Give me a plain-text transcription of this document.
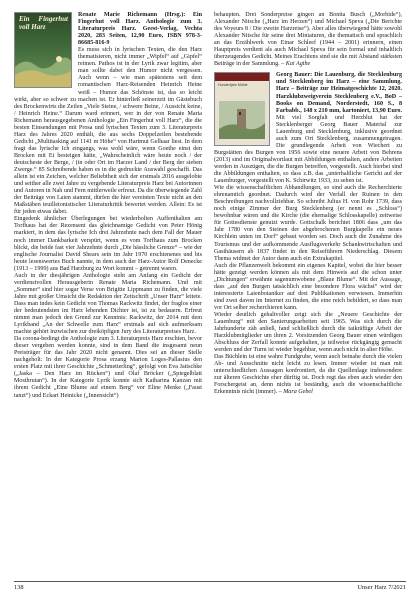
Ein Fingerhut voll Harz

Renate Marie Richemann (Hrsg.): Ein Fingerhut voll Harz. Anthologie zum 3. Literaturpreis Harz. Geest-Verlag, Vechta 2020, 283 Seiten, 12,90 Euro, ISBN 978-3-86685-816-9

Es muss sich in lyrischen Texten, die den Harz thematisieren, nicht immer „Wipfel“ auf „Gipfel“ reimen. Pathos ist in der Lyrik zwar legitim, aber man sollte dabei den Humor nicht vergessen. Auch wenn – wie man spätestens seit dem romantischen Harz-Reisenden Heinrich Heine weiß – Humor das Schönste ist, das so leicht wirkt, aber so schwer zu machen ist. Er hinterließ seinerzeit im Gästebuch des Brockenwirts die Zeilen „Viele Steine, / schwere Beine, / Aussicht keine, / Heinrich Heine.“ Darum ward erinnert, wer in der von Renate Maria Richemann herausgegebenen Anthologie „Ein Fingerhut voll Harz“, die die besten Einsendungen mit Prosa und lyrischen Texten zum 3. Literaturpreis Harz des Jahres 2020 enthält, die aus sechs Doppelzeilen bestehende Gedicht „Multitasking auf 1141 m Höhe“ von Hartmut Gelhaar liest. In dem fragt das lyrische Ich eingangs, was wohl wäre, wenn Goethe einst den Brocken mit Ei besteigen hätte, „Wahrscheinlich wäre heute noch / der deutscheste der Berge, / (in oder Ort im Harzer Land / der Berg der sieben Zwerge.“ 85 Schreibende haben es in die gedruckte Auswahl geschafft. Das allein ist ein Zeichen, welcher Beliebtheit sich der erstmals 2016 ausgelobte und seither alle zwei Jahre zu vergebende Literaturpreis Harz bei Autorinnen und Autoren in Nah und Fern mittlerweile erfreut. Da die überwiegende Zahl der Beiträge von Laien stammt, dürfen die hier vereinten Texte nicht an den Maßstäben teuilletonistischer Literaturkritik bewertet werden. Allein: Es ist für jeden etwas dabei.

Eingedenk ähnlicher Überlegungen bei wiederholten Auffenthalten am Torfhaus hat der Rezensent das gleichnamige Gedicht von Peter Hönig markiert, in dem das lyrische Ich drei Jahrzehnte nach dem Fall der Mauer noch immer Dankbarkeit verspürt, wenn es vom Torfhaus zum Brocken blickt, die beide fast vier Jahrzehnte durch „Die hässliche Grenze“ – wie der englische Journalist David Shears sein im Jahr 1970 erschienenes und bis heute lesenswertes Buch nannte, in dem auch der Harz-Autor Rolf Denecke (1913 – 1999) aus Bad Harzburg zu Wort kommt – getrennt waren.

Auch in der diesjährigen Anthologie steht am Anfang ein Gedicht der verdienstvollen Herausgeberin Renate Maria Richemann. Und mit „Sommer“ sind hier sogar Verse von Brigitte Lippmann zu finden, die viele Jahre mit großer Umsicht die Redaktion der Zeitschrift „Unser Harz“ leitete. Dass man indes kein Gedicht von Thomas Rackwitz findet, der fraglos einer der bedeutendsten im Harz lebenden Dichter ist, ist zu bedauern. Erfreut nimmt man jedoch den Grund zur Kenntnis: Rackwitz, der 2014 mit dem Lyrikband „An der Schwelle zum Harz“ erstmals auf sich aufmerksam machte gehört inzwischen zur dreiköpfigen Jury des Literaturpreises Harz.

Da coronа-bedingt die Anthologie zum 3. Literaturpreis Harz erschien, bevor dieser vergeben werden konnte, sind in dem Band die insgesamt neun Preisträger für das Jahr 2020 nicht genannt. Dies sei an dieser Stelle nachgeholt: In der Kategorie Prosa erzang Marion Loges-Pallasius den ersten Platz mit ihrer Geschichte „Schmetterling“, gefolgt von Eva Jaitschke („Jaska – Den Harz im Rücken“) und Olaf Bröcker („Spiegelblatt Mosthrutan“). In der Kategorie Lyrik konnte sich Katharina Kanzan mit ihrem Gedicht „Eine Blume auf einem Berg“ vor Eline Menke („Faust tanzt“) und Eckart Heinicke („Innensicht“)

behaupten. Drei Sonderpreise gingen an Bonita Busch („Morbide“), Alexander Nitsche („Harz im Herzen“) und Michael Speva („Die Berichte des Voyeurs 8 / Die zweite Harzreise“). Aber alles überwiegend hätte sowohl Alexander Nitsche für seine drei Miniaturen, die thematisch und sprachlich an das Erzählwerk von Einar Schleef (1944 – 2001) erinnern, einen Hauptpreis verdient als auch Michael Speva für sein formal und inhaltlich überzeugendes Gedicht. Meines Erachtens sind sie die mit Abstand stärksten Beiträge in der Sammlung. – Kai Agthe

Hundertjahr Mühle

Georg Bauer: Die Lauenburg, die Stecklenburg und Stecklenberg im Harz – eine Sammlung. Harz – Beiträge zur Heimatgeschichte 12, 2020. Harzklubzweigverein Stecklenberg e.V., BoD – Books on Demand, Norderstedt, 160 S., 8 Farbabb., 148 x 210 mm, kartoniert, 13,90 Euro.

Mit viel Sorgfalt und Herzblut hat der Stecklenberger Georg Bauer Material zur Lauenburg und Stecklenburg, inklusive geordnet auch zum Ort Stecklenberg, zusammengetragen. Die grundlegende Arbeit von Wiechert zu Burgstätten des Burgen von 1956 sowie eine neuere Arbeit von Behrens (2013) sind im Originalwortlaut mit Abbildungen enthalten, andere Arbeiten werden in Auszügen, die die Burgen betreffen, vorgestellt. Auch hierbei sind die Abbildungen enthalten, so dass z.B. das „unterhaltliche Gericht auf der Lauenburger, vorgestellt von K. Schirwitz 1933, zu sehen ist.

Wie die wissenschaftlichen Abhandlungen, so sind auch die Recherchierte ehrenamtich geordnet. Dadurch wird der Verfall der Ruinen in den Beschreibungen nachvollziehbar. So schreibt Julius H. von Rohr 1739, dass noch einige Zimmer der Burg Stecklenberg (er nennt es „Schloss“) bewohnbar wären und die Kirche (die ehemalige Schlosskapelle) zeitweise für Gottesdienste genutzt wurde. Gottschalk berichtet 1806 dass „um das Jahr 1780 von den Steinen der abgebrochenen Burgkapelle ein neues Kirchlein unten im Dorf“ gebaut worden sei. Doch auch die Zunahme des Tourismus und der aufkommende Ausflugsverkehr Schankwirtschaften und Gasthäusern ab 1837 findet in den Reiseführern Niederschlag. Diesem Thema widmet der Autor dann auch ein Extrakapitel.

Auch die Pflanzenwelt bekommt ein eigenes Kapitel, wobei die hier besser hätte gezeigt werden können als mit dem Hinweis auf die schon unter „Dichtungen“ erwähnte sagenumwobene „Blaue Blume“. Mit der Aussage, dass „auf den Burgen tatsächlich eine besondere Flora wächst“ wird der interessierte Laienbotaniker auf drei Publikationen verwiesen. Immerhin sind zwei davon im Internet zu finden, die eine reich bebildert, so dass man vor Ort selber recherchieren kann.

Wieder deutlich gehaltvoller zeigt sich die „Neuere Geschichte der Lauenburg“ mit den Sanierungsarbeiten seit 1965. Was sich durch die Jahrhunderte zäh anließ, fand schließlich durch die tatkräftige Arbeit der Harzklubmitglieder um ihren 2. Vorsitzenden Georg Bauer einen würdigen Abschluss der Zerfall konnte aufgehalten, ja teilweise rückgängig gemacht werden und der Turm ist wieder begehbar, wenn auch nicht in alter Höhe.

Das Büchlein ist eine wahre Fundgrube, wenn auch beinahe durch die vielen Ab- und Ausschnitte nicht leicht zu lesen. Immer wieder ist man mit unterschiedlichen Aussagen konfrontiert, da die Quellenlage insbesondere zur älteren Geschichte eher dürftig ist. Doch regt das eben auch wieder den Forschergeist an, denn nichts ist beständig, auch die wissenschaftliche Erkenntnis nicht (immer). – Mara Gebel

138	Unser Harz 7/2021
